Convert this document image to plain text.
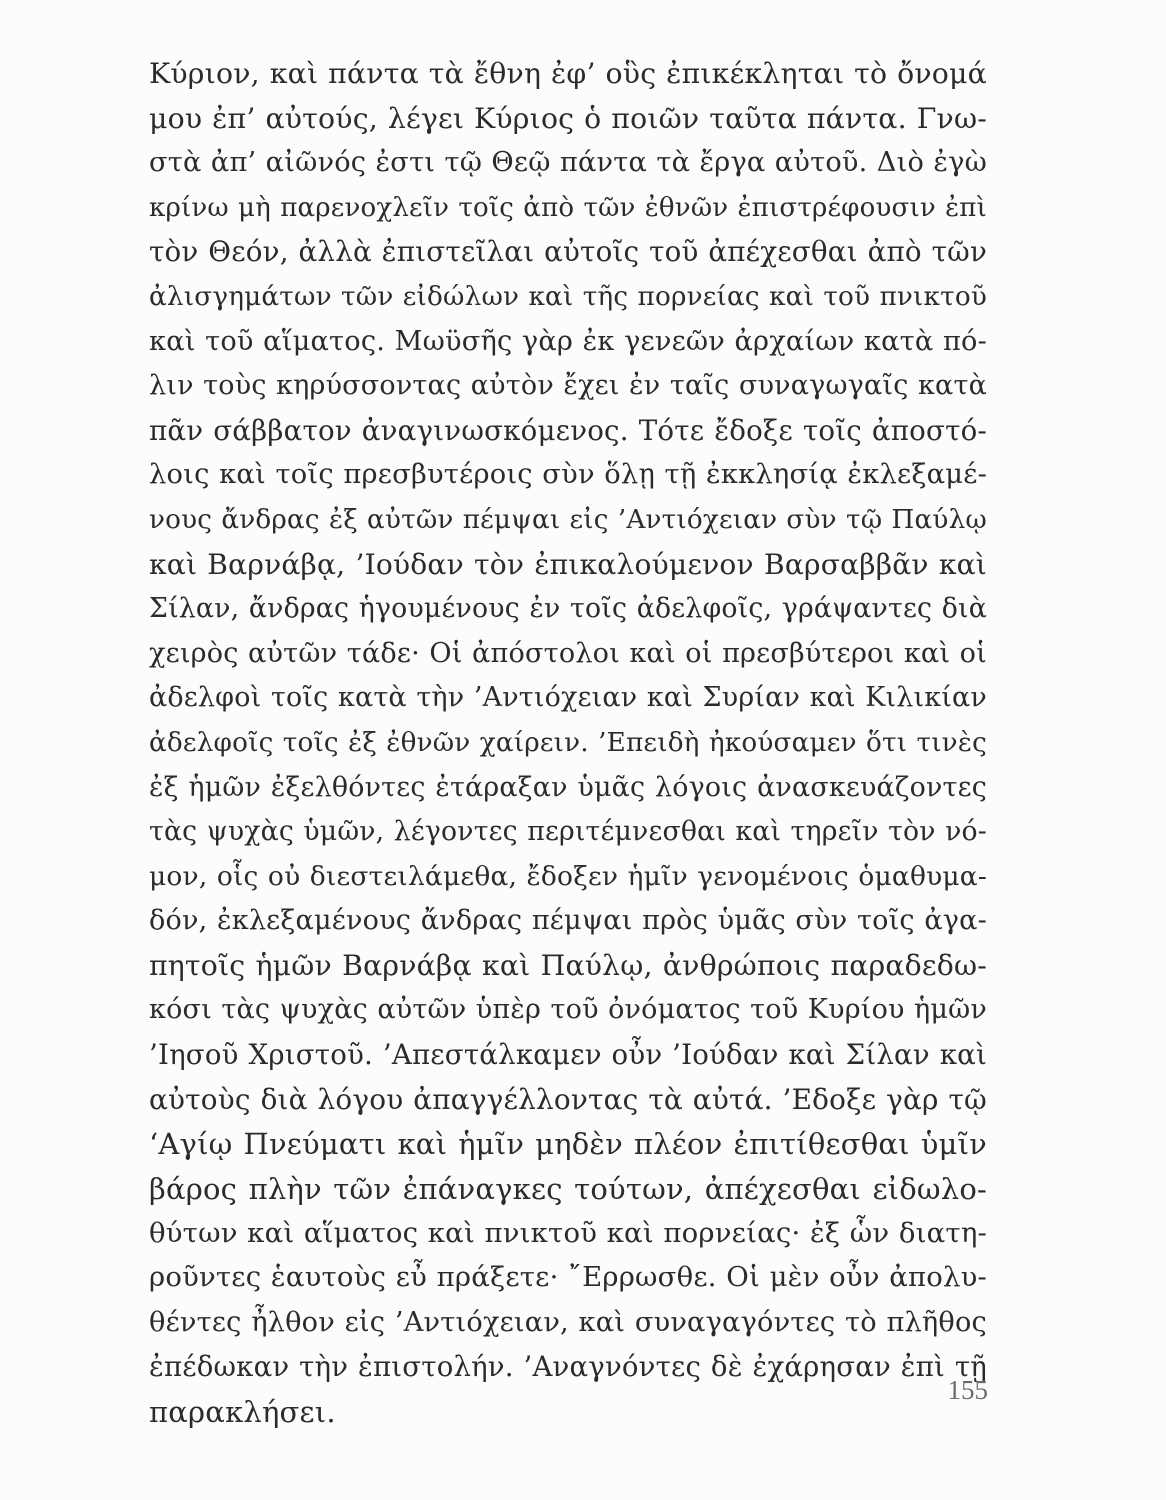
Κύριον, καὶ πάντα τὰ ἔθνη ἐφ’ οὓς ἐπικέκληται τὸ ὄνομά
μου ἐπ’ αὐτούς, λέγει Κύριος ὁ ποιῶν ταῦτα πάντα. Γνω-
στὰ ἀπ’ αἰῶνός ἐστι τῷ Θεῷ πάντα τὰ ἔργα αὐτοῦ. Διὸ ἐγὼ
κρίνω μὴ παρενοχλεῖν τοῖς ἀπὸ τῶν ἐθνῶν ἐπιστρέφουσιν ἐπὶ
τὸν Θεόν, ἀλλὰ ἐπιστεῖλαι αὐτοῖς τοῦ ἀπέχεσθαι ἀπὸ τῶν
ἀλισγημάτων τῶν εἰδώλων καὶ τῆς πορνείας καὶ τοῦ πνικτοῦ
καὶ τοῦ αἵματος. Μωϋσῆς γὰρ ἐκ γενεῶν ἀρχαίων κατὰ πό-
λιν τοὺς κηρύσσοντας αὐτὸν ἔχει ἐν ταῖς συναγωγαῖς κατὰ
πᾶν σάββατον ἀναγινωσκόμενος. Τότε ἔδοξε τοῖς ἀποστό-
λοις καὶ τοῖς πρεσβυτέροις σὺν ὅλῃ τῇ ἐκκλησίᾳ ἐκλεξαμέ-
νους ἄνδρας ἐξ αὐτῶν πέμψαι εἰς ’Αντιόχειαν σὺν τῷ Παύλῳ
καὶ Βαρνάβᾳ, ’Ιούδαν τὸν ἐπικαλούμενον Βαρσαββᾶν καὶ
Σίλαν, ἄνδρας ἡγουμένους ἐν τοῖς ἀδελφοῖς, γράψαντες διὰ
χειρὸς αὐτῶν τάδε· Οἱ ἀπόστολοι καὶ οἱ πρεσβύτεροι καὶ οἱ
ἀδελφοὶ τοῖς κατὰ τὴν ’Αντιόχειαν καὶ Συρίαν καὶ Κιλικίαν
ἀδελφοῖς τοῖς ἐξ ἐθνῶν χαίρειν. ’Επειδὴ ἠκούσαμεν ὅτι τινὲς
ἐξ ἡμῶν ἐξελθόντες ἐτάραξαν ὑμᾶς λόγοις ἀνασκευάζοντες
τὰς ψυχὰς ὑμῶν, λέγοντες περιτέμνεσθαι καὶ τηρεῖν τὸν νό-
μον, οἷς οὐ διεστειλάμεθα, ἔδοξεν ἡμῖν γενομένοις ὁμαθυμα-
δόν, ἐκλεξαμένους ἄνδρας πέμψαι πρὸς ὑμᾶς σὺν τοῖς ἀγα-
πητοῖς ἡμῶν Βαρνάβᾳ καὶ Παύλῳ, ἀνθρώποις παραδεδω-
κόσι τὰς ψυχὰς αὐτῶν ὑπὲρ τοῦ ὀνόματος τοῦ Κυρίου ἡμῶν
’Ιησοῦ Χριστοῦ. ’Απεστάλκαμεν οὖν ’Ιούδαν καὶ Σίλαν καὶ
αὐτοὺς διὰ λόγου ἀπαγγέλλοντας τὰ αὐτά. ’Εδοξε γὰρ τῷ
‘Αγίῳ Πνεύματι καὶ ἡμῖν μηδὲν πλέον ἐπιτίθεσθαι ὑμῖν
βάρος πλὴν τῶν ἐπάναγκες τούτων, ἀπέχεσθαι εἰδωλο-
θύτων καὶ αἵματος καὶ πνικτοῦ καὶ πορνείας· ἐξ ὧν διατη-
ροῦντες ἑαυτοὺς εὖ πράξετε· ῎Ερρωσθε. Οἱ μὲν οὖν ἀπολυ-
θέντες ἦλθον εἰς ’Αντιόχειαν, καὶ συναγαγόντες τὸ πλῆθος
ἐπέδωκαν τὴν ἐπιστολήν. ’Αναγνόντες δὲ ἐχάρησαν ἐπὶ τῇ
παρακλήσει.
155
